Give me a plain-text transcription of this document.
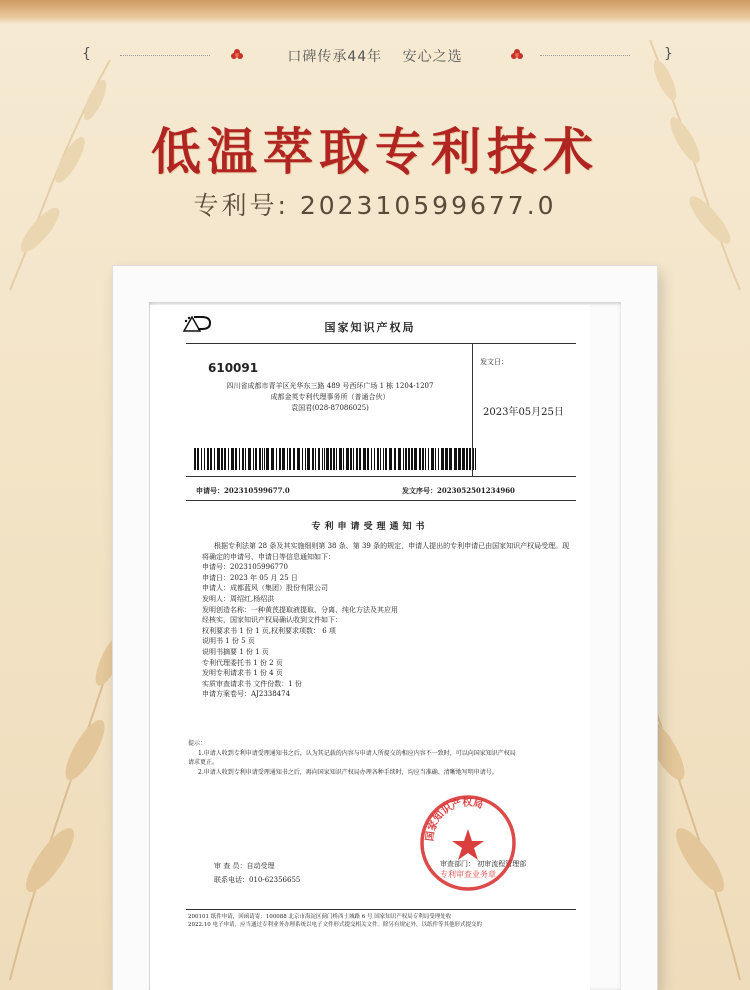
{	口碑传承44年　 安心之选	}
低温萃取专利技术
专利号: 202310599677.0
国家知识产权局
610091
四川省成都市青羊区光华东三路 489 号西环广场 1 栋 1204-1207
成都金英专利代理事务所（普通合伙）
袁国君(028-87086025)
发文日：
2023年05月25日
申请号：202310599677.0	发文序号：2023052501234960
专利申请受理通知书

根据专利法第 28 条及其实施细则第 38 条、第 39 条的规定，申请人提出的专利申请已由国家知识产权局受理。现将确定的申请号、申请日等信息通知如下：

申请号：2023105996770

申请日：2023 年 05 月 25 日

申请人：成都蓝风（集团）股份有限公司

发明人：周绍红,杨绍洪

发明创造名称：一种黄芪提取液提取、分离、纯化方法及其应用

经核实，国家知识产权局确认收到文件如下：

权利要求书 1 份 1 页,权利要求项数： 6 项

说明书 1 份 5 页

说明书摘要 1 份 1 页

专利代理委托书 1 份 2 页

发明专利请求书 1 份 4 页

实质审查请求书 文件份数：1 份

申请方案卷号：AJ2338474

提示：

1.申请人收到专利申请受理通知书之后，认为其记载的内容与申请人所提交的相应内容不一致时，可以向国家知识产权局

请求更正。

2.申请人收到专利申请受理通知书之后，再向国家知识产权局办理各种手续时，均应当准确、清晰地写明申请号。

审 查 员：自动受理

联系电话：010-62356655

审查部门： 初审流程管理部
国家知识产权局
专利审查业务章

200101 纸件申请，回函请寄：100088 北京市海淀区蓟门桥西土城路 6 号 国家知识产权局专利局受理处收

2022.10 电子申请，应当通过专利业务办理系统以电子文件形式提交相关文件。除另有规定外，以纸件等其他形式提交的
